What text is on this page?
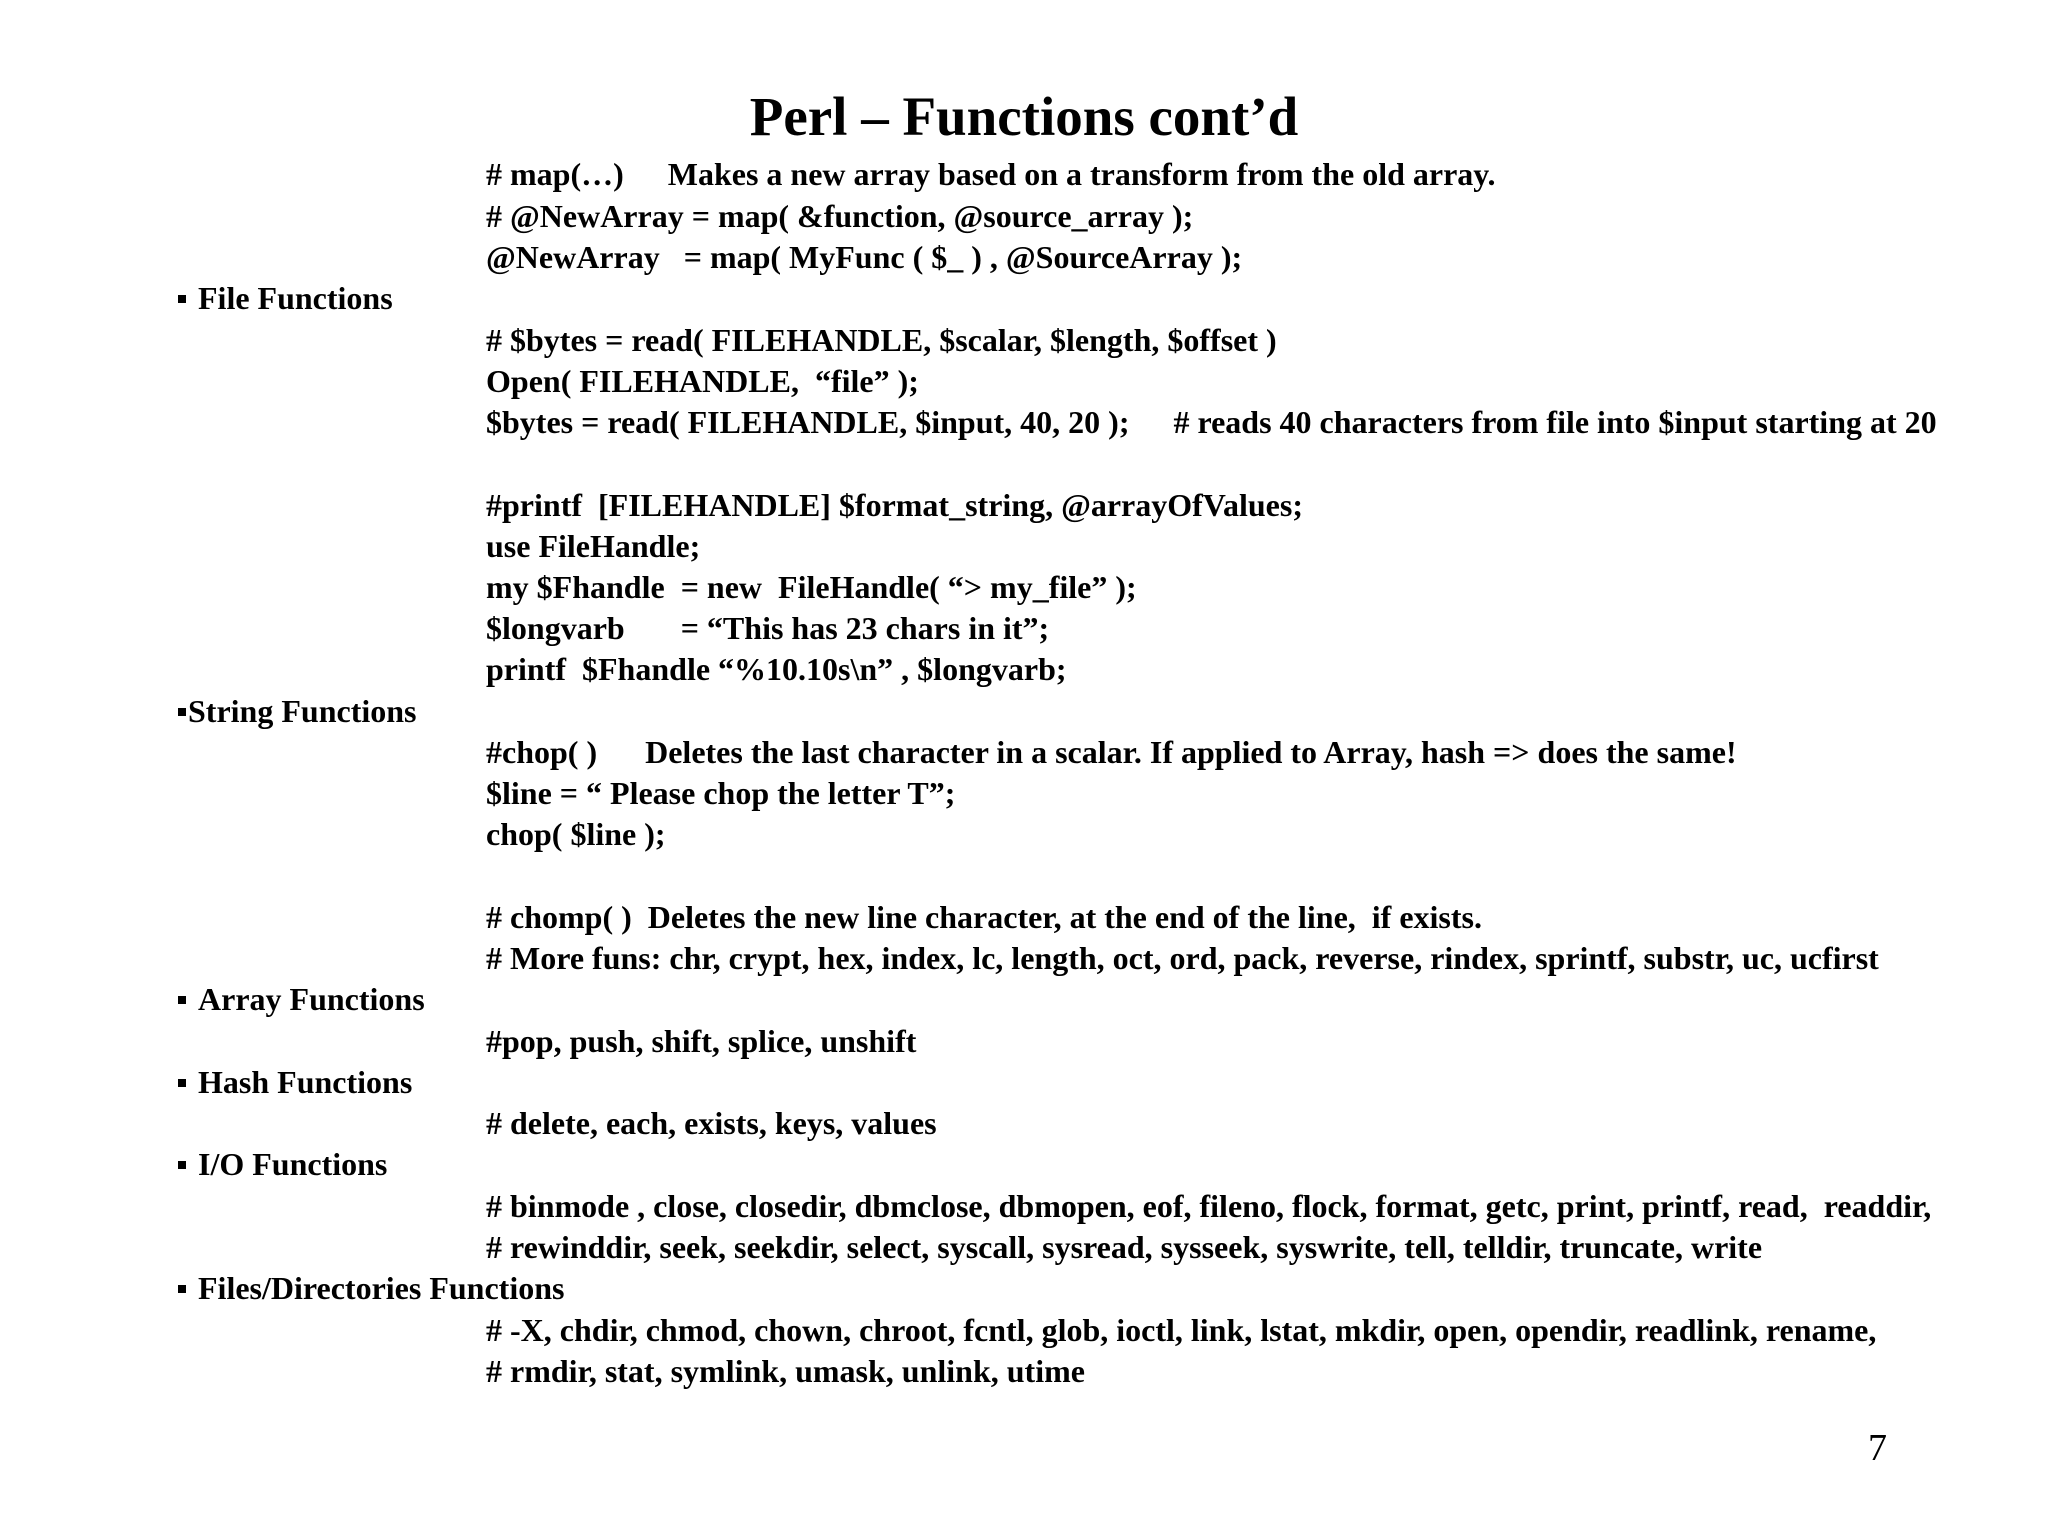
Perl – Functions cont’d
# map(…) Makes a new array based on a transform from the old array.
# @NewArray = map( &function, @source_array );
@NewArray   = map( MyFunc ( $_ ) , @SourceArray );
File Functions
# $bytes = read( FILEHANDLE, $scalar, $length, $offset )
Open( FILEHANDLE,  “file” );
$bytes = read( FILEHANDLE, $input, 40, 20 ); # reads 40 characters from file into $input starting at 20
#printf  [FILEHANDLE] $format_string, @arrayOfValues;
use FileHandle;
my $Fhandle  = new  FileHandle( “> my_file” );
$longvarb       = “This has 23 chars in it”;
printf  $Fhandle “%10.10s\n” , $longvarb;
String Functions
#chop( ) Deletes the last character in a scalar. If applied to Array, hash => does the same!
$line = “ Please chop the letter T”;
chop( $line );
# chomp( )  Deletes the new line character, at the end of the line,  if exists.
# More funs: chr, crypt, hex, index, lc, length, oct, ord, pack, reverse, rindex, sprintf, substr, uc, ucfirst
Array Functions
#pop, push, shift, splice, unshift
Hash Functions
# delete, each, exists, keys, values
I/O Functions
# binmode , close, closedir, dbmclose, dbmopen, eof, fileno, flock, format, getc, print, printf, read,  readdir,
# rewinddir, seek, seekdir, select, syscall, sysread, sysseek, syswrite, tell, telldir, truncate, write
Files/Directories Functions
# -X, chdir, chmod, chown, chroot, fcntl, glob, ioctl, link, lstat, mkdir, open, opendir, readlink, rename,
# rmdir, stat, symlink, umask, unlink, utime
7
